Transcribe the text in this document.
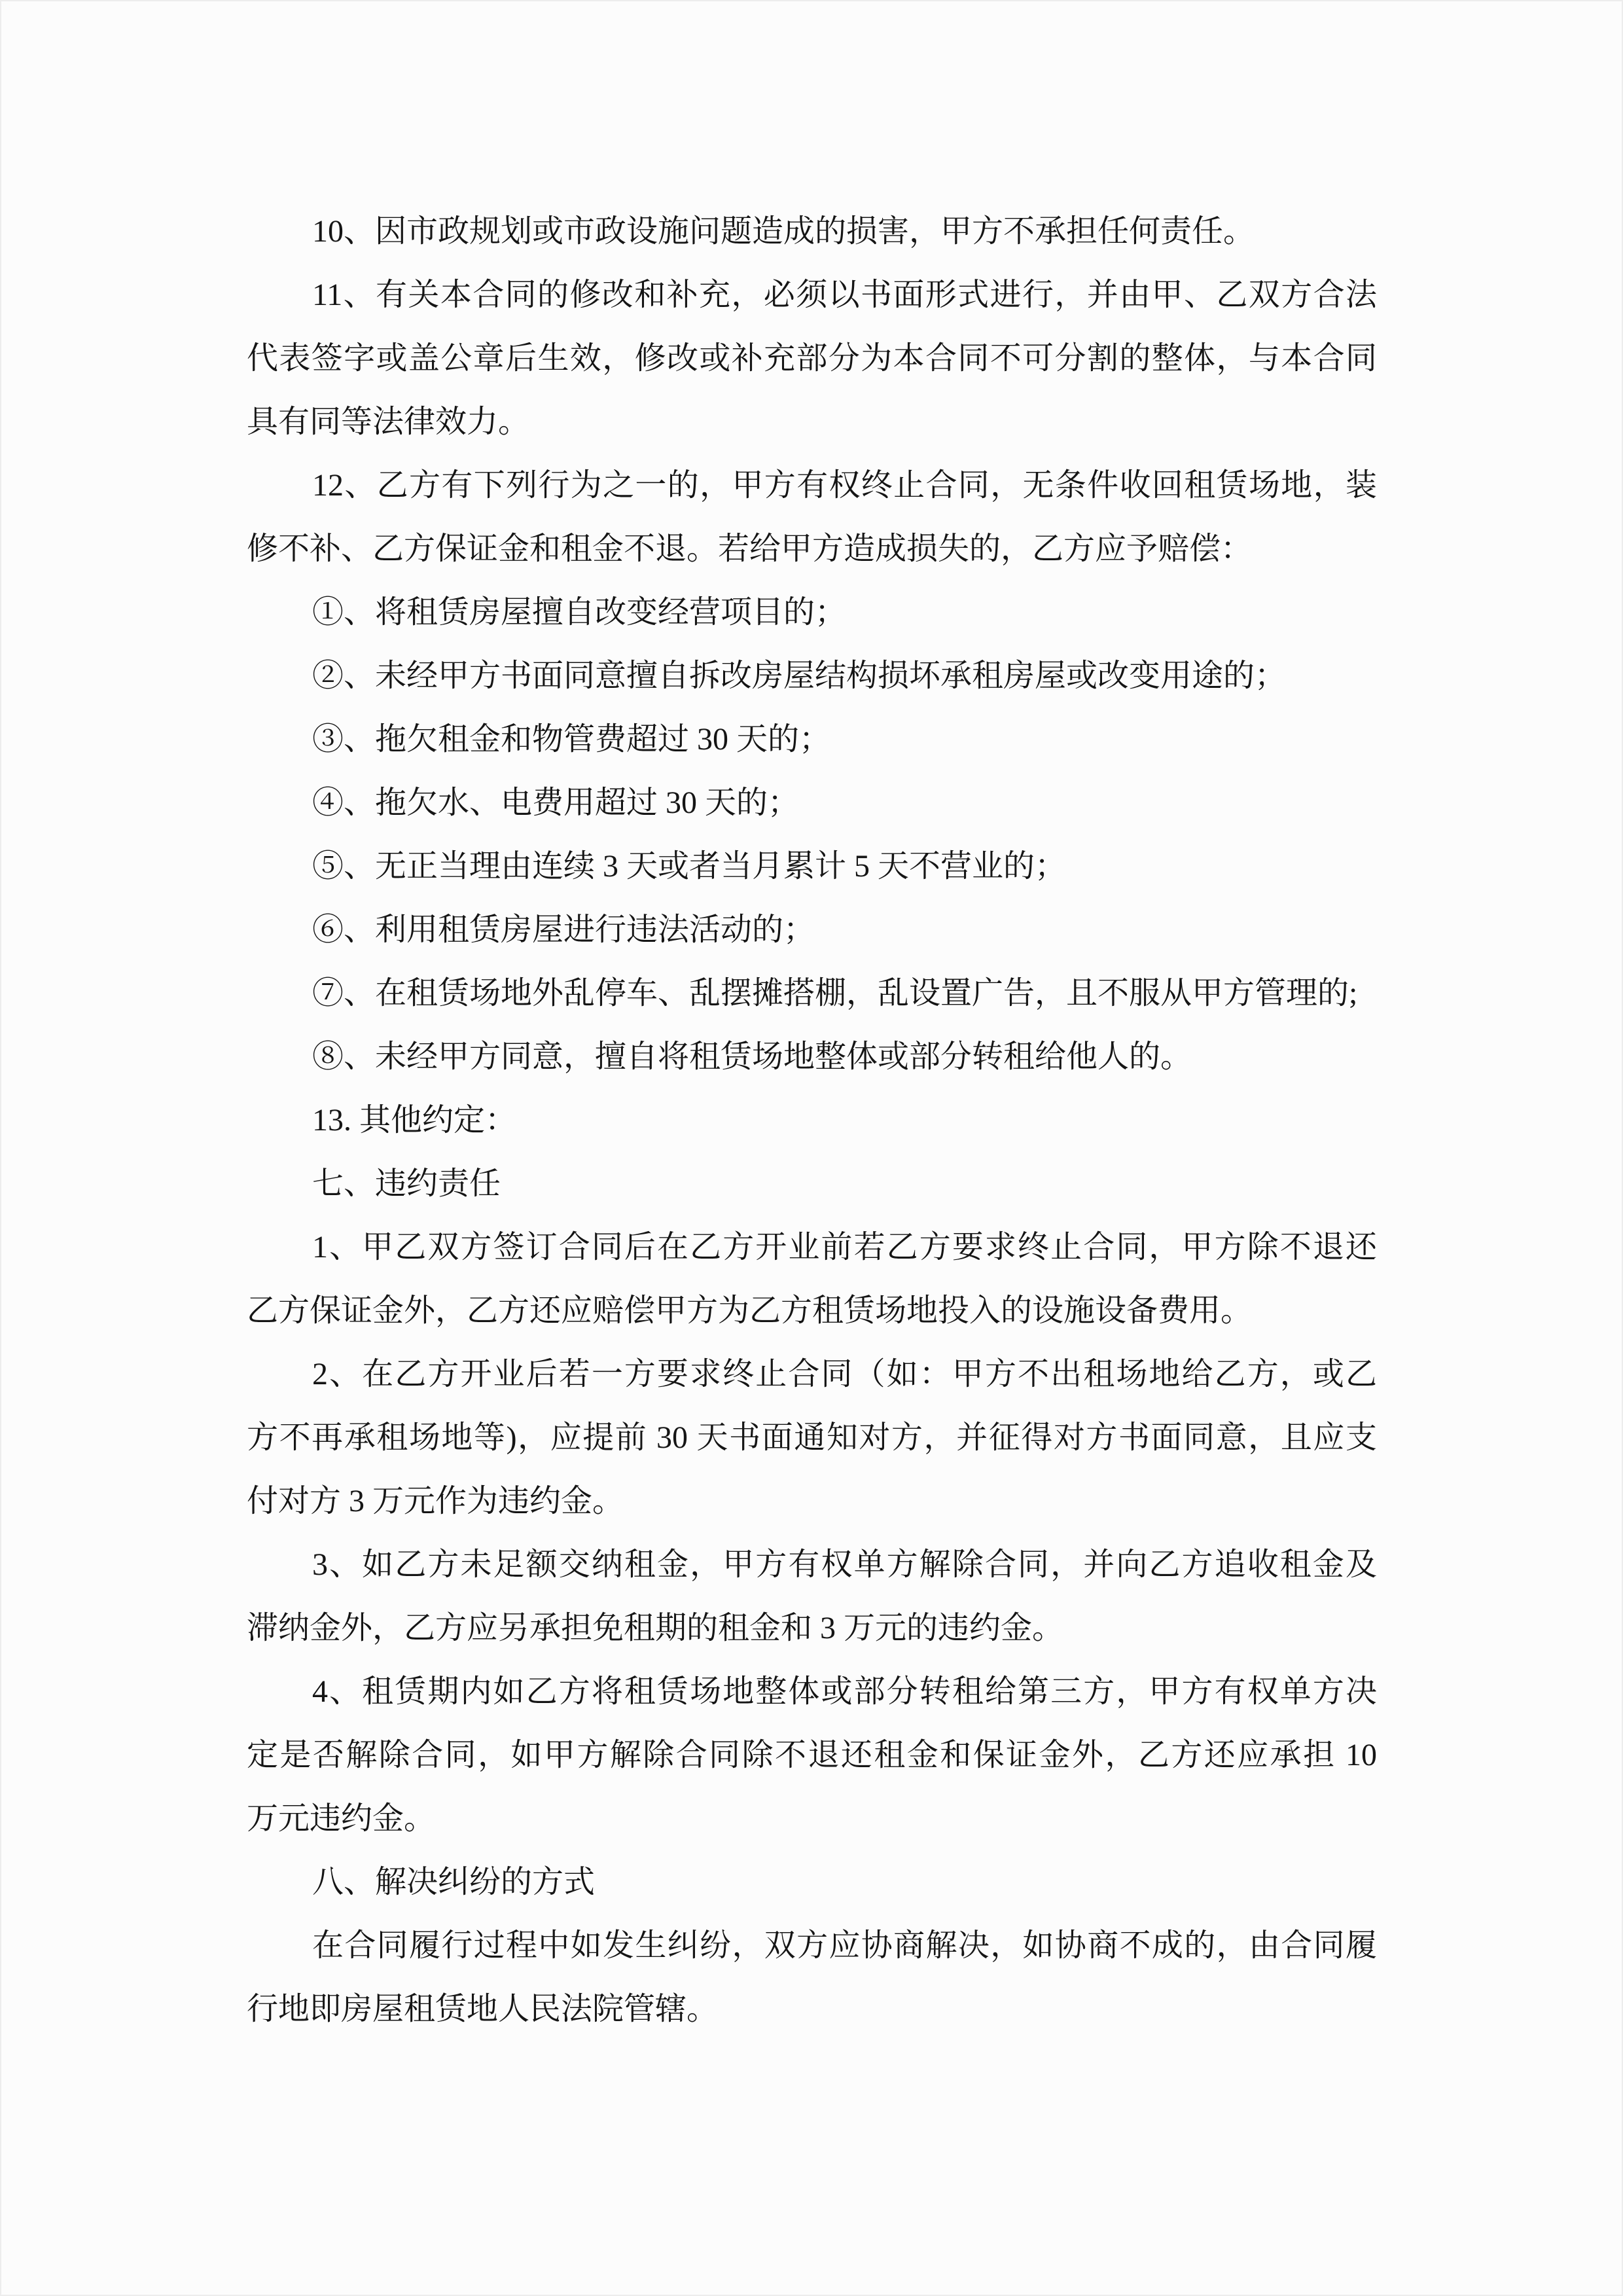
10、因市政规划或市政设施问题造成的损害，甲方不承担任何责任。
11、有关本合同的修改和补充，必须以书面形式进行，并由甲、乙双方合法
代表签字或盖公章后生效，修改或补充部分为本合同不可分割的整体，与本合同
具有同等法律效力。
12、乙方有下列行为之一的，甲方有权终止合同，无条件收回租赁场地，装
修不补、乙方保证金和租金不退。若给甲方造成损失的，乙方应予赔偿：
①、将租赁房屋擅自改变经营项目的；
②、未经甲方书面同意擅自拆改房屋结构损坏承租房屋或改变用途的；
③、拖欠租金和物管费超过 30 天的；
④、拖欠水、电费用超过 30 天的；
⑤、无正当理由连续 3 天或者当月累计 5 天不营业的；
⑥、利用租赁房屋进行违法活动的；
⑦、在租赁场地外乱停车、乱摆摊搭棚，乱设置广告，且不服从甲方管理的;
⑧、未经甲方同意，擅自将租赁场地整体或部分转租给他人的。
13. 其他约定：
七、违约责任
1、甲乙双方签订合同后在乙方开业前若乙方要求终止合同，甲方除不退还
乙方保证金外，乙方还应赔偿甲方为乙方租赁场地投入的设施设备费用。
2、在乙方开业后若一方要求终止合同（如：甲方不出租场地给乙方，或乙
方不再承租场地等)，应提前 30 天书面通知对方，并征得对方书面同意，且应支
付对方 3 万元作为违约金。
3、如乙方未足额交纳租金，甲方有权单方解除合同，并向乙方追收租金及
滞纳金外，乙方应另承担免租期的租金和 3 万元的违约金。
4、租赁期内如乙方将租赁场地整体或部分转租给第三方，甲方有权单方决
定是否解除合同，如甲方解除合同除不退还租金和保证金外，乙方还应承担 10
万元违约金。
八、解决纠纷的方式
在合同履行过程中如发生纠纷，双方应协商解决，如协商不成的，由合同履
行地即房屋租赁地人民法院管辖。
